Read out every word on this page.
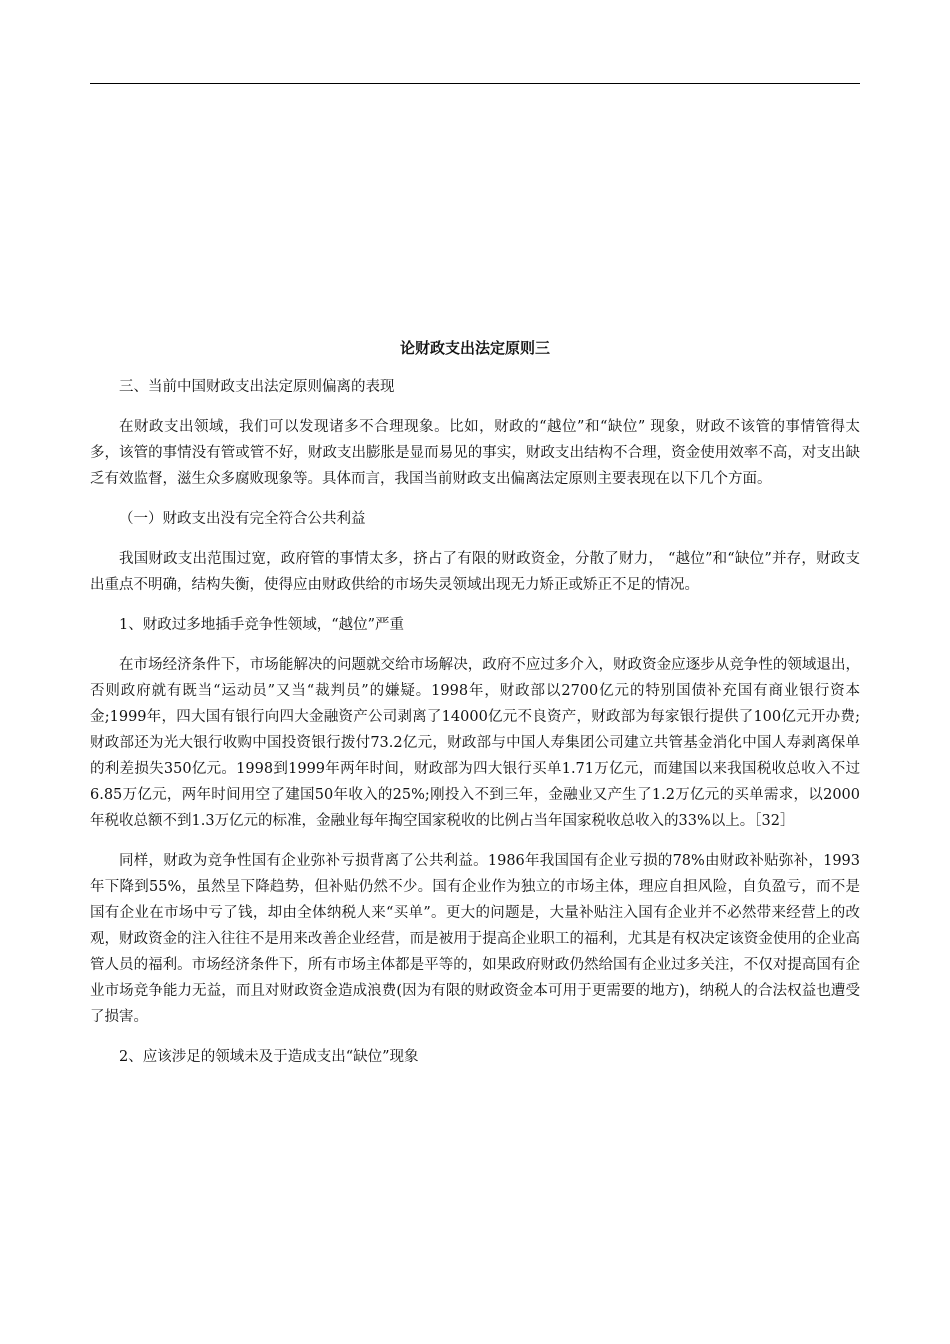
论财政支出法定原则三

三、当前中国财政支出法定原则偏离的表现

在财政支出领域，我们可以发现诸多不合理现象。比如，财政的“越位”和“缺位” 现象，财政不该管的事情管得太多，该管的事情没有管或管不好，财政支出膨胀是显而易见的事实，财政支出结构不合理，资金使用效率不高，对支出缺乏有效监督，滋生众多腐败现象等。具体而言，我国当前财政支出偏离法定原则主要表现在以下几个方面。

（一）财政支出没有完全符合公共利益

我国财政支出范围过宽，政府管的事情太多，挤占了有限的财政资金，分散了财力， “越位”和“缺位”并存，财政支出重点不明确，结构失衡，使得应由财政供给的市场失灵领域出现无力矫正或矫正不足的情况。

1、财政过多地插手竞争性领域，“越位”严重

在市场经济条件下，市场能解决的问题就交给市场解决，政府不应过多介入，财政资金应逐步从竞争性的领域退出，否则政府就有既当“运动员”又当“裁判员”的嫌疑。1998年，财政部以2700亿元的特别国债补充国有商业银行资本金;1999年，四大国有银行向四大金融资产公司剥离了14000亿元不良资产，财政部为每家银行提供了100亿元开办费;财政部还为光大银行收购中国投资银行拨付73.2亿元，财政部与中国人寿集团公司建立共管基金消化中国人寿剥离保单的利差损失350亿元。1998到1999年两年时间，财政部为四大银行买单1.71万亿元，而建国以来我国税收总收入不过6.85万亿元，两年时间用空了建国50年收入的25%;刚投入不到三年，金融业又产生了1.2万亿元的买单需求，以2000年税收总额不到1.3万亿元的标准，金融业每年掏空国家税收的比例占当年国家税收总收入的33%以上。［32］

同样，财政为竞争性国有企业弥补亏损背离了公共利益。1986年我国国有企业亏损的78%由财政补贴弥补，1993年下降到55%，虽然呈下降趋势，但补贴仍然不少。国有企业作为独立的市场主体，理应自担风险，自负盈亏，而不是国有企业在市场中亏了钱，却由全体纳税人来“买单”。更大的问题是，大量补贴注入国有企业并不必然带来经营上的改观，财政资金的注入往往不是用来改善企业经营，而是被用于提高企业职工的福利，尤其是有权决定该资金使用的企业高管人员的福利。市场经济条件下，所有市场主体都是平等的，如果政府财政仍然给国有企业过多关注，不仅对提高国有企业市场竞争能力无益，而且对财政资金造成浪费(因为有限的财政资金本可用于更需要的地方)，纳税人的合法权益也遭受了损害。

2、应该涉足的领域未及于造成支出“缺位”现象
